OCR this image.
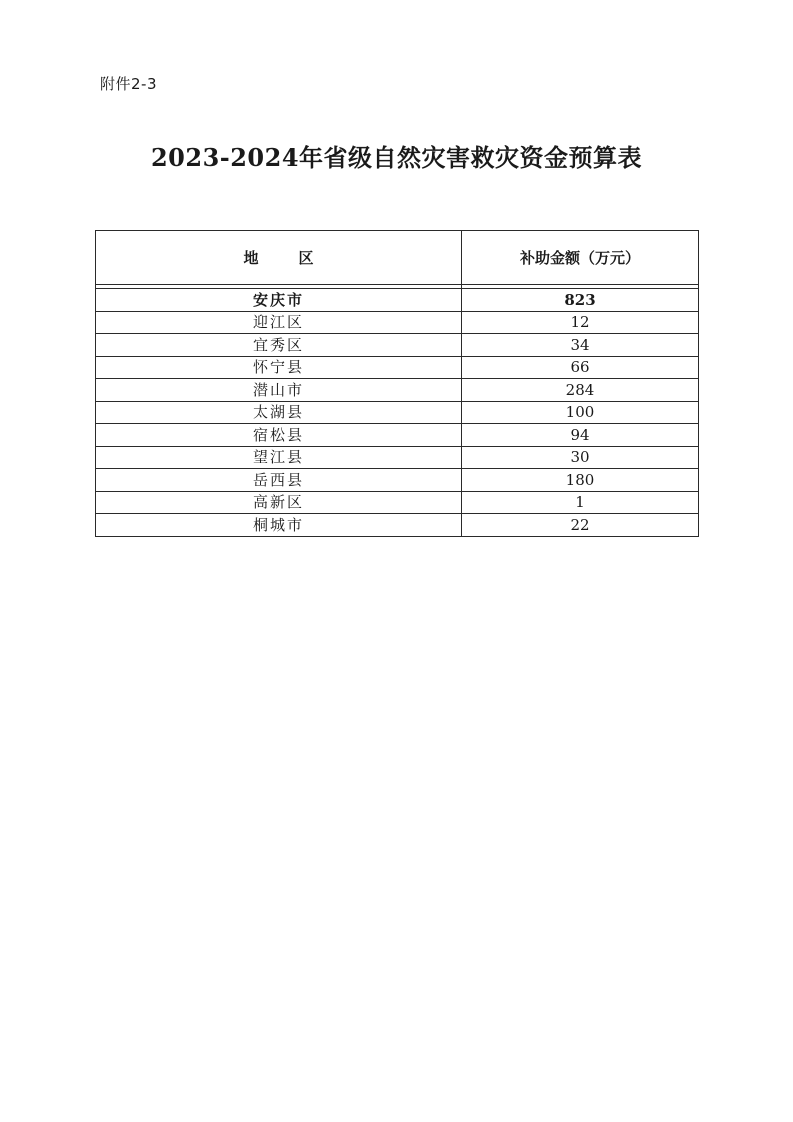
附件2-3
2023-2024年省级自然灾害救灾资金预算表
地区	补助金额（万元）

安庆市	823
迎江区	12
宜秀区	34
怀宁县	66
潜山市	284
太湖县	100
宿松县	94
望江县	30
岳西县	180
高新区	1
桐城市	22
